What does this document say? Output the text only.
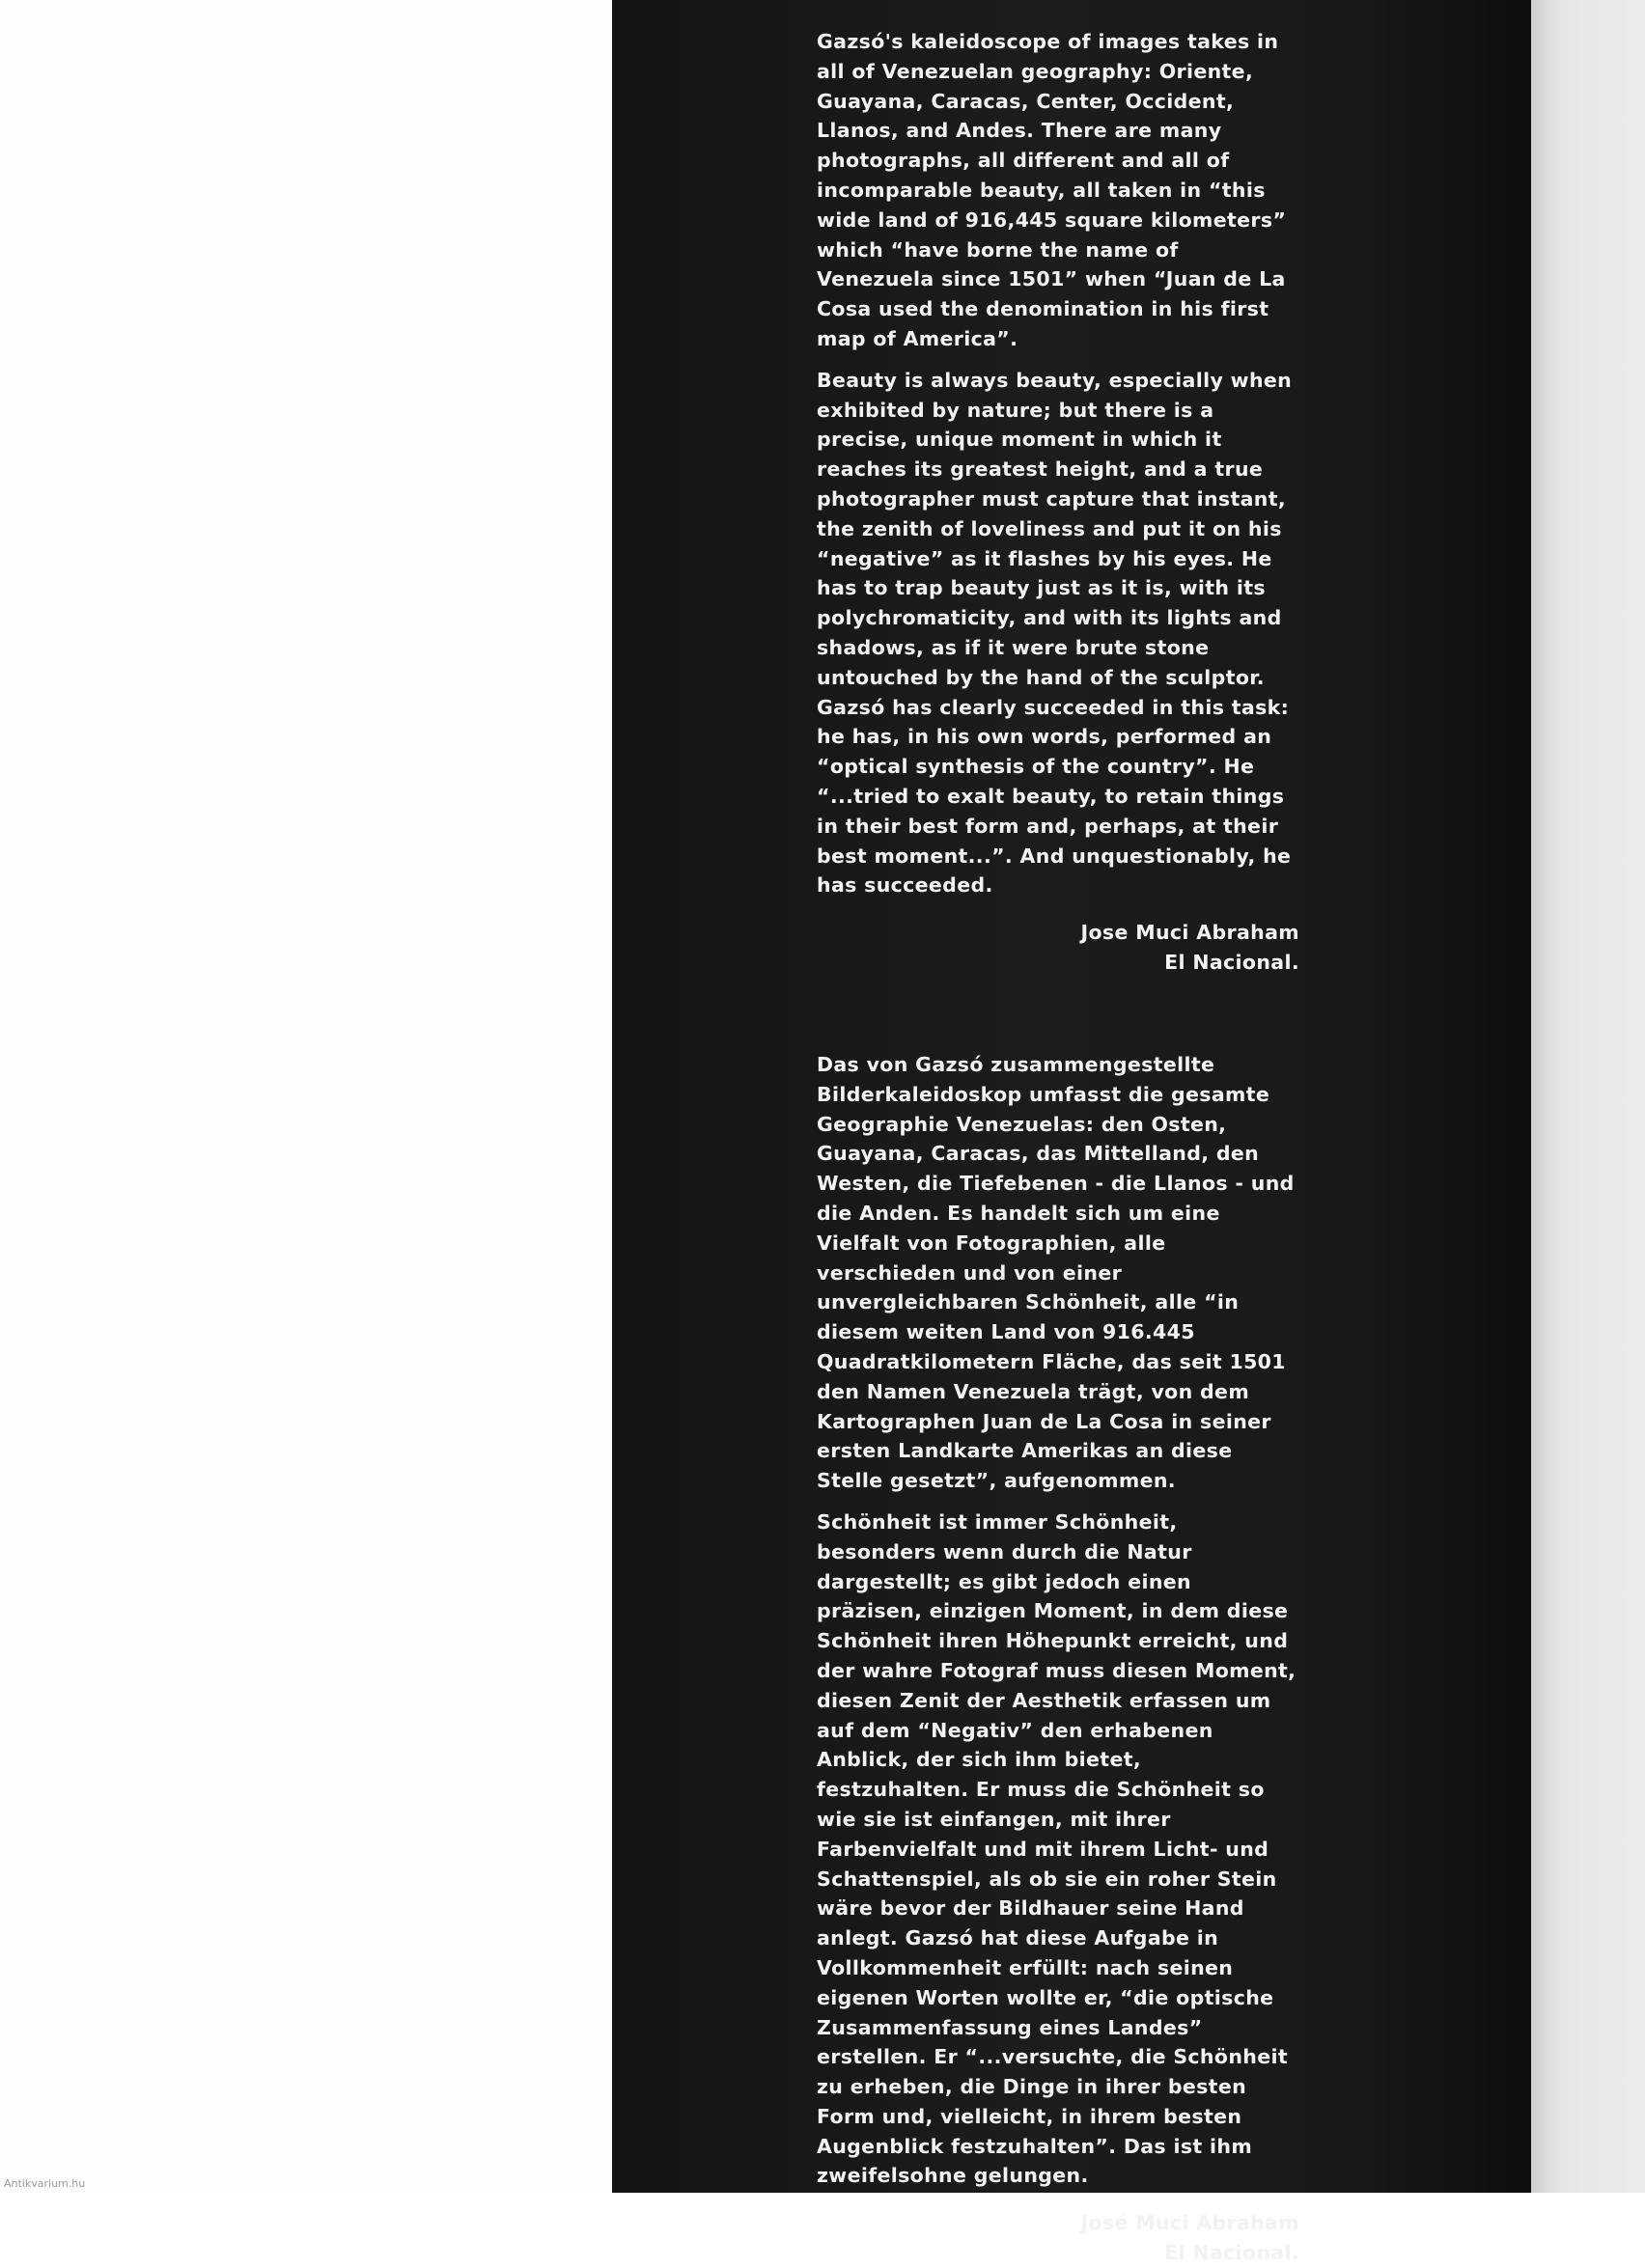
Gazsó's kaleidoscope of images takes in all of Venezuelan geography: Oriente, Guayana, Caracas, Center, Occident, Llanos, and Andes. There are many photographs, all different and all of incomparable beauty, all taken in “this wide land of 916,445 square kilometers” which “have borne the name of Venezuela since 1501” when “Juan de La Cosa used the denomination in his first map of America”.

Beauty is always beauty, especially when exhibited by nature; but there is a precise, unique moment in which it reaches its greatest height, and a true photographer must capture that instant, the zenith of loveliness and put it on his “negative” as it flashes by his eyes. He has to trap beauty just as it is, with its polychromaticity, and with its lights and shadows, as if it were brute stone untouched by the hand of the sculptor. Gazsó has clearly succeeded in this task: he has, in his own words, performed an “optical synthesis of the country”. He “...tried to exalt beauty, to retain things in their best form and, perhaps, at their best moment...”. And unquestionably, he has succeeded.

Jose Muci Abraham
El Nacional.

Das von Gazsó zusammengestellte Bilderkaleidoskop umfasst die gesamte Geographie Venezuelas: den Osten, Guayana, Caracas, das Mittelland, den Westen, die Tiefebenen - die Llanos - und die Anden. Es handelt sich um eine Vielfalt von Fotographien, alle verschieden und von einer unvergleichbaren Schönheit, alle “in diesem weiten Land von 916.445 Quadratkilometern Fläche, das seit 1501 den Namen Venezuela trägt, von dem Kartographen Juan de La Cosa in seiner ersten Landkarte Amerikas an diese Stelle gesetzt”, aufgenommen.

Schönheit ist immer Schönheit, besonders wenn durch die Natur dargestellt; es gibt jedoch einen präzisen, einzigen Moment, in dem diese Schönheit ihren Höhepunkt erreicht, und der wahre Fotograf muss diesen Moment, diesen Zenit der Aesthetik erfassen um auf dem “Negativ” den erhabenen Anblick, der sich ihm bietet, festzuhalten. Er muss die Schönheit so wie sie ist einfangen, mit ihrer Farbenvielfalt und mit ihrem Licht- und Schattenspiel, als ob sie ein roher Stein wäre bevor der Bildhauer seine Hand anlegt. Gazsó hat diese Aufgabe in Vollkommenheit erfüllt: nach seinen eigenen Worten wollte er, “die optische Zusammenfassung eines Landes” erstellen. Er “...versuchte, die Schönheit zu erheben, die Dinge in ihrer besten Form und, vielleicht, in ihrem besten Augenblick festzuhalten”. Das ist ihm zweifelsohne gelungen.

José Muci Abraham
El Nacional.
Antikvarium.hu
